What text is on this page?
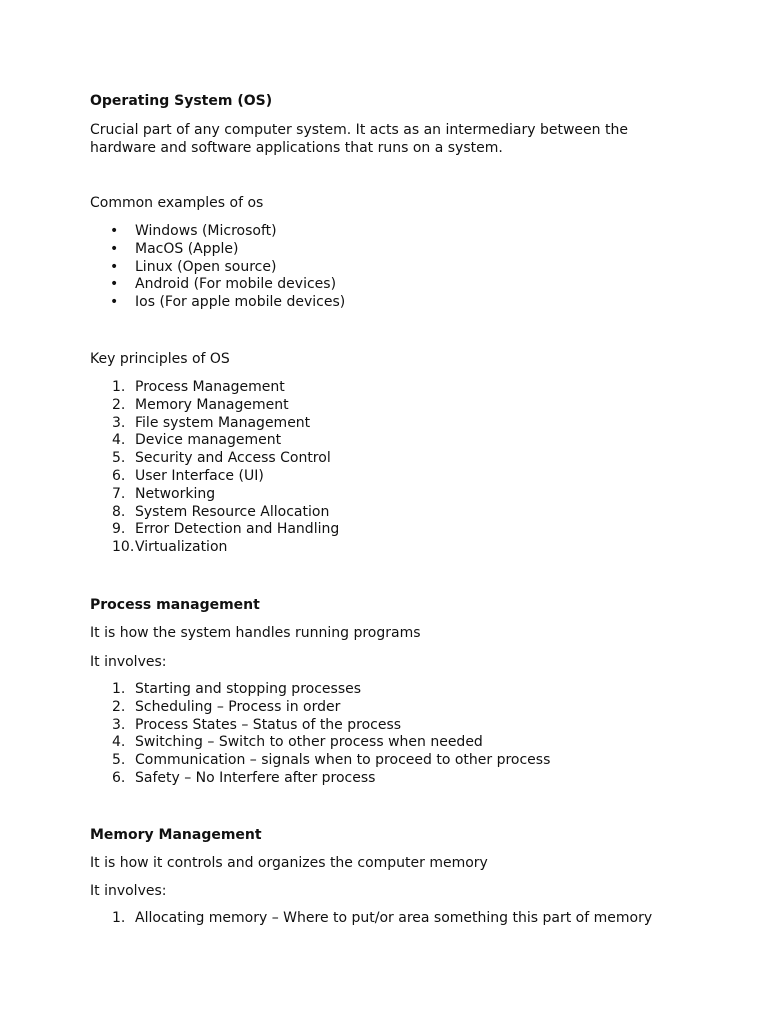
Operating System (OS)

Crucial part of any computer system. It acts as an intermediary between the hardware and software applications that runs on a system.

Common examples of os

• Windows (Microsoft)
• MacOS (Apple)
• Linux (Open source)
• Android (For mobile devices)
• Ios (For apple mobile devices)

Key principles of OS

1. Process Management
2. Memory Management
3. File system Management
4. Device management
5. Security and Access Control
6. User Interface (UI)
7. Networking
8. System Resource Allocation
9. Error Detection and Handling
10. Virtualization
Process management

It is how the system handles running programs

It involves:

1. Starting and stopping processes
2. Scheduling – Process in order
3. Process States – Status of the process
4. Switching – Switch to other process when needed
5. Communication – signals when to proceed to other process
6. Safety – No Interfere after process
Memory Management

It is how it controls and organizes the computer memory

It involves:

1. Allocating memory – Where to put/or area something this part of memory
